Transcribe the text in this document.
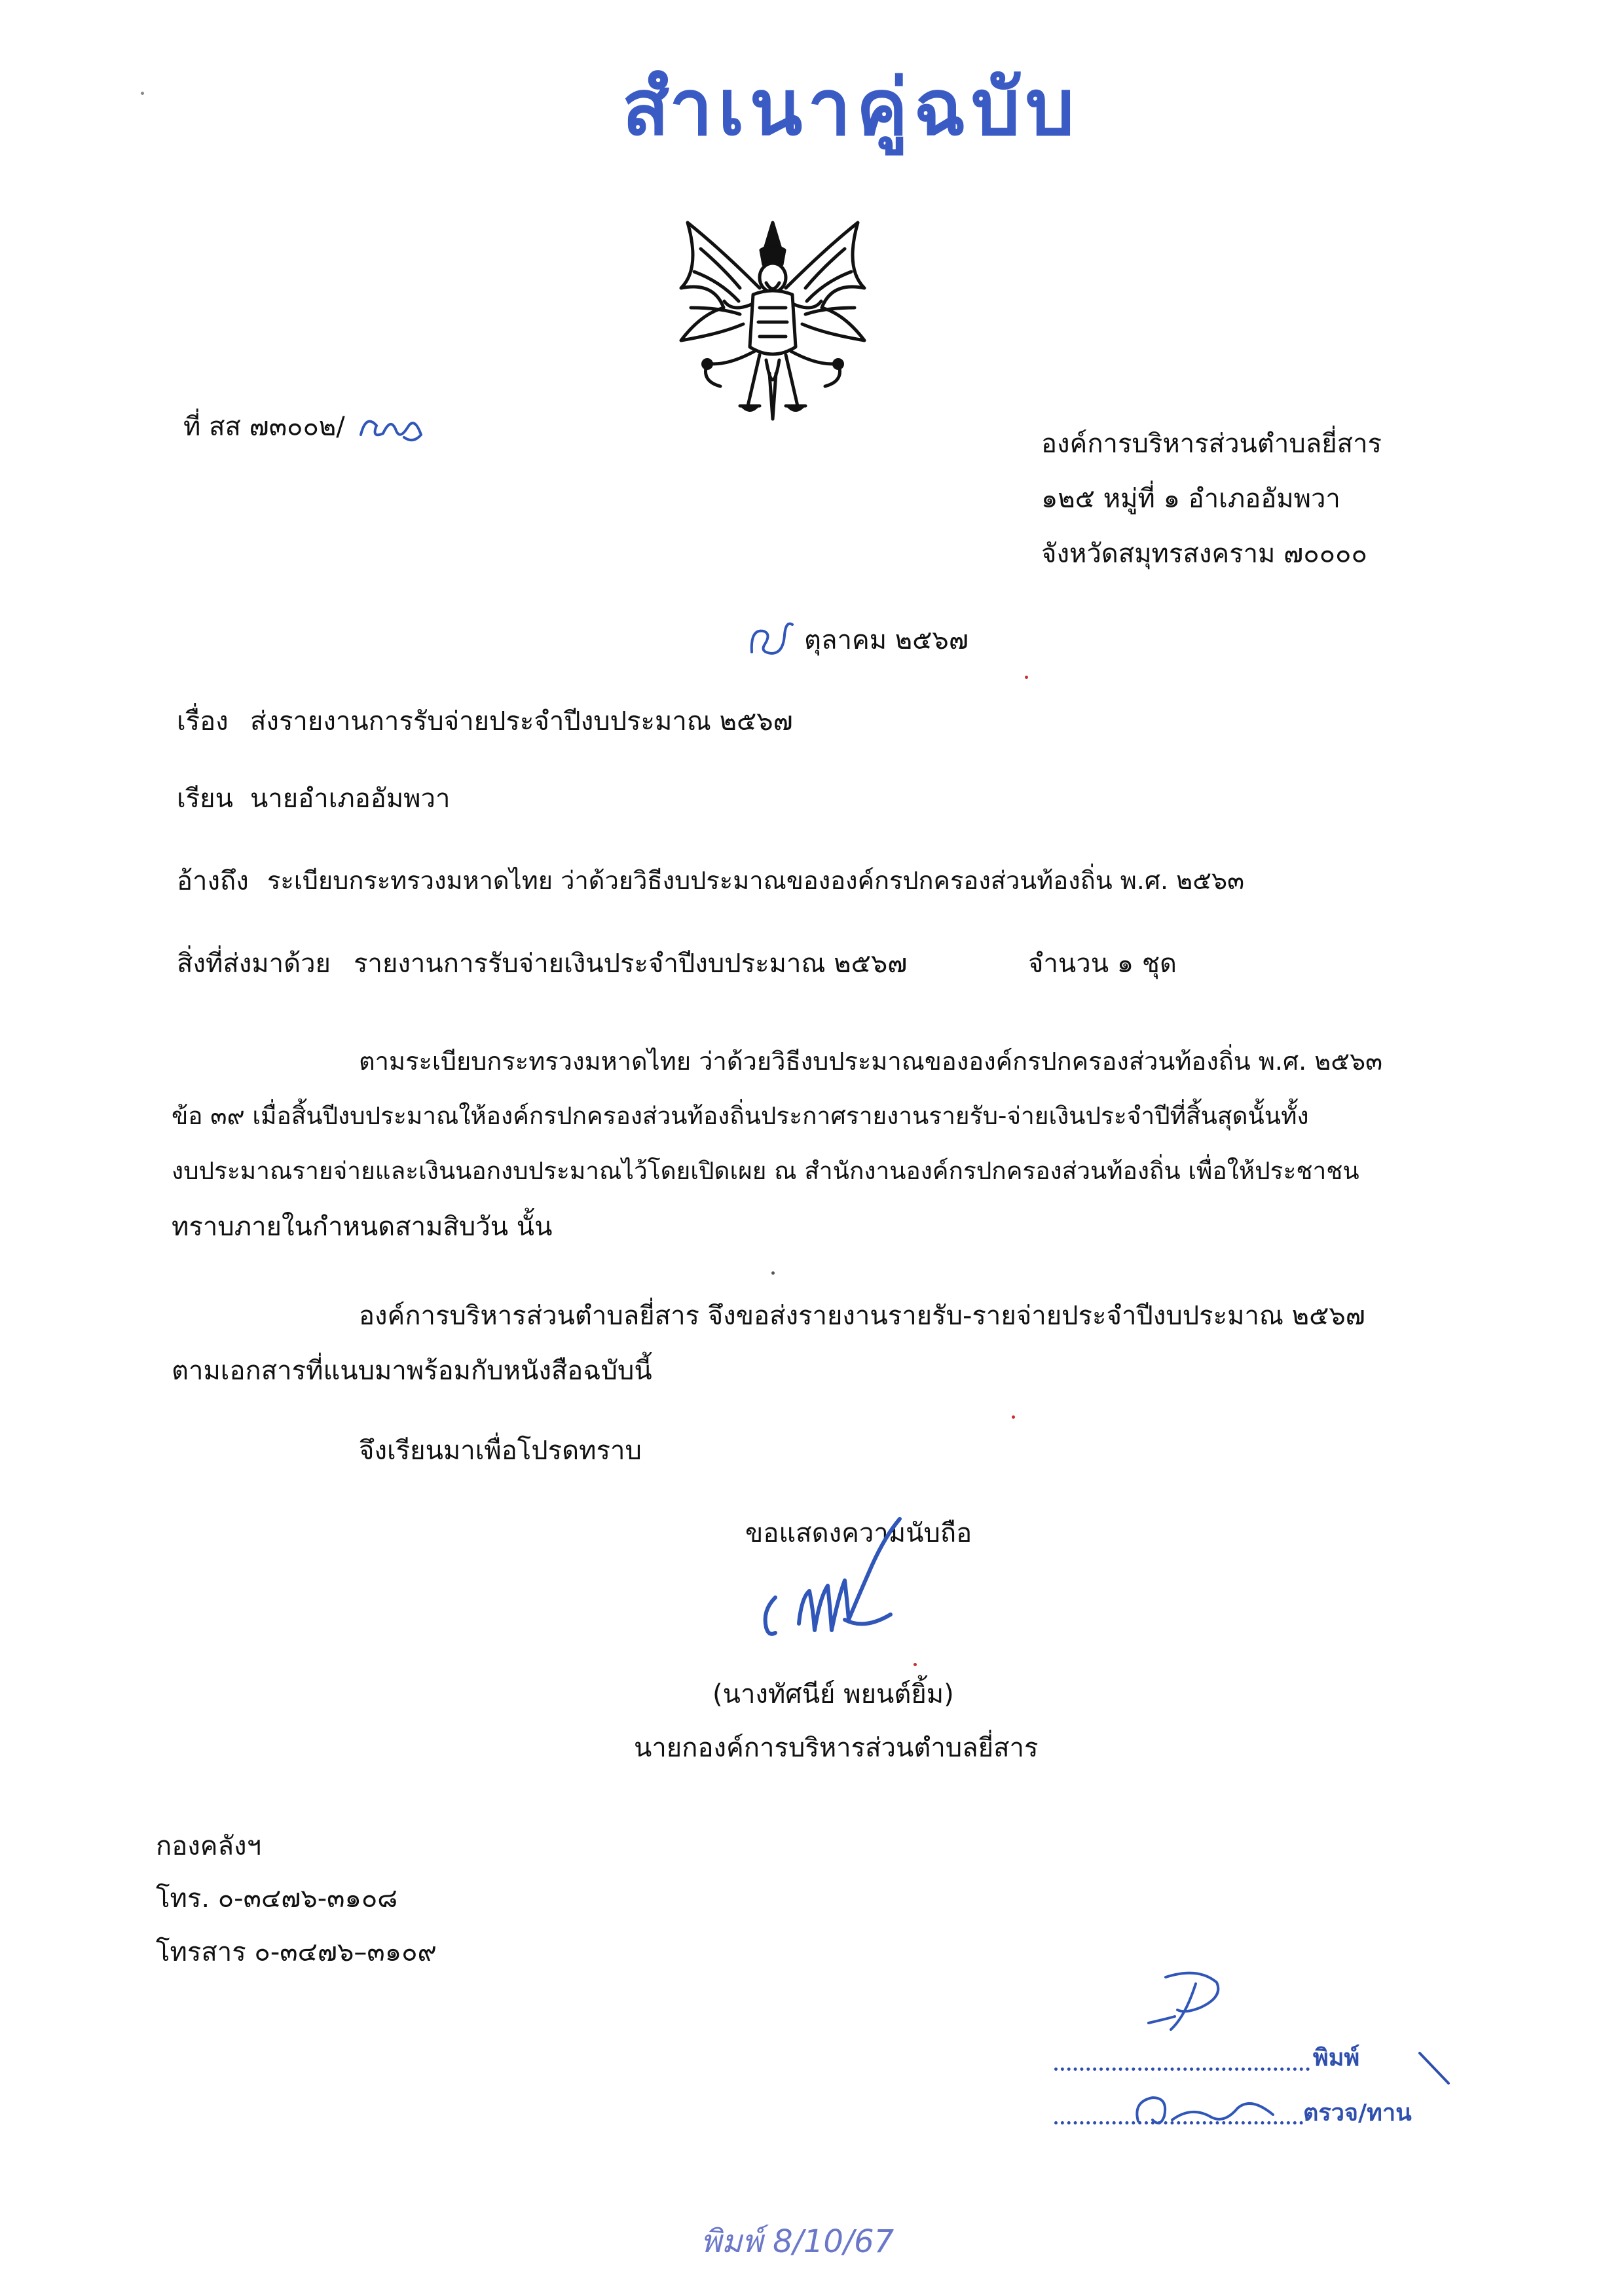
สำเนาคู่ฉบับ
ที่ สส ๗๓๐๐๒/
องค์การบริหารส่วนตำบลยี่สาร
๑๒๕ หมู่ที่ ๑ อำเภออัมพวา
จังหวัดสมุทรสงคราม ๗๐๐๐๐
ตุลาคม ๒๕๖๗
เรื่อง ส่งรายงานการรับจ่ายประจำปีงบประมาณ ๒๕๖๗
เรียน นายอำเภออัมพวา
อ้างถึง ระเบียบกระทรวงมหาดไทย ว่าด้วยวิธีงบประมาณขององค์กรปกครองส่วนท้องถิ่น พ.ศ. ๒๕๖๓
สิ่งที่ส่งมาด้วย รายงานการรับจ่ายเงินประจำปีงบประมาณ ๒๕๖๗	จำนวน ๑ ชุด
ตามระเบียบกระทรวงมหาดไทย ว่าด้วยวิธีงบประมาณขององค์กรปกครองส่วนท้องถิ่น พ.ศ. ๒๕๖๓
ข้อ ๓๙ เมื่อสิ้นปีงบประมาณให้องค์กรปกครองส่วนท้องถิ่นประกาศรายงานรายรับ-จ่ายเงินประจำปีที่สิ้นสุดนั้นทั้ง
งบประมาณรายจ่ายและเงินนอกงบประมาณไว้โดยเปิดเผย ณ สำนักงานองค์กรปกครองส่วนท้องถิ่น เพื่อให้ประชาชน
ทราบภายในกำหนดสามสิบวัน นั้น
องค์การบริหารส่วนตำบลยี่สาร จึงขอส่งรายงานรายรับ-รายจ่ายประจำปีงบประมาณ ๒๕๖๗
ตามเอกสารที่แนบมาพร้อมกับหนังสือฉบับนี้
จึงเรียนมาเพื่อโปรดทราบ
ขอแสดงความนับถือ
(นางทัศนีย์ พยนต์ยิ้ม)
นายกองค์การบริหารส่วนตำบลยี่สาร
กองคลังฯ
โทร. ๐-๓๔๗๖-๓๑๐๘
โทรสาร ๐-๓๔๗๖–๓๑๐๙
พิมพ์
ตรวจ/ทาน
พิมพ์ 8/10/67
